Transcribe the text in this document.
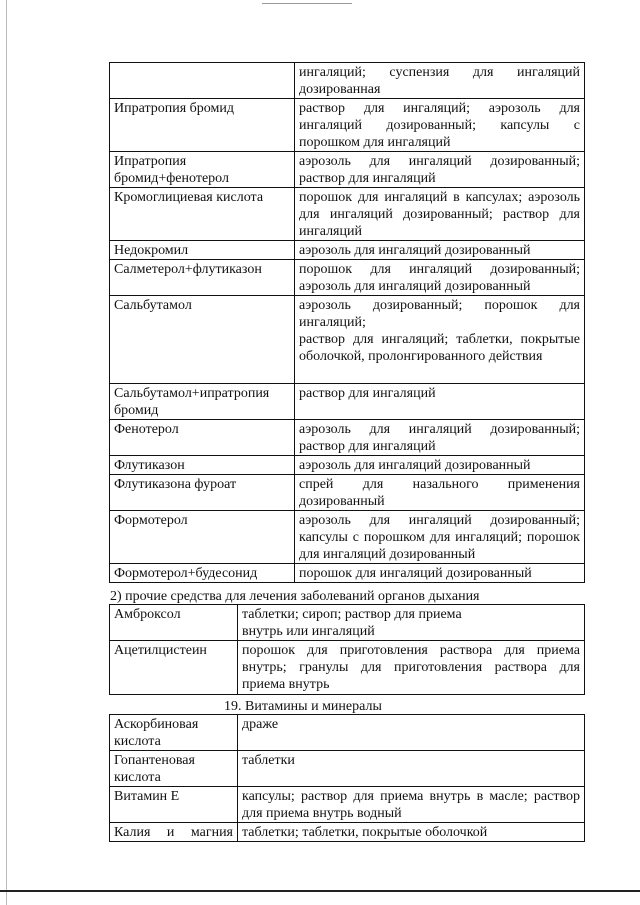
	ингаляций; суспензия для ингаляций дозированная
Ипратропия бромид	раствор для ингаляций; аэрозоль для ингаляций дозированный; капсулы с порошком для ингаляций
Ипратропия бромид+фенотерол	аэрозоль для ингаляций дозированный; раствор для ингаляций
Кромоглициевая кислота	порошок для ингаляций в капсулах; аэрозоль для ингаляций дозированный; раствор для ингаляций
Недокромил	аэрозоль для ингаляций дозированный
Салметерол+флутиказон	порошок для ингаляций дозированный; аэрозоль для ингаляций дозированный
Сальбутамол	аэрозоль дозированный; порошок для ингаляций;
раствор для ингаляций; таблетки, покрытые оболочкой, пролонгированного действия
Сальбутамол+ипратропия бромид	раствор для ингаляций
Фенотерол	аэрозоль для ингаляций дозированный; раствор для ингаляций
Флутиказон	аэрозоль для ингаляций дозированный
Флутиказона фуроат	спрей для назального применения дозированный
Формотерол	аэрозоль для ингаляций дозированный; капсулы с порошком для ингаляций; порошок для ингаляций дозированный
Формотерол+будесонид	порошок для ингаляций дозированный
2) прочие средства для лечения заболеваний органов дыхания
Амброксол	таблетки; сироп; раствор для приема
внутрь или ингаляций
Ацетилцистеин	порошок для приготовления раствора для приема внутрь; гранулы для приготовления раствора для приема внутрь
19. Витамины и минералы
Аскорбиновая кислота	драже
Гопантеновая кислота	таблетки
Витамин Е	капсулы; раствор для приема внутрь в масле; раствор для приема внутрь водный
Калия и магния	таблетки; таблетки, покрытые оболочкой
